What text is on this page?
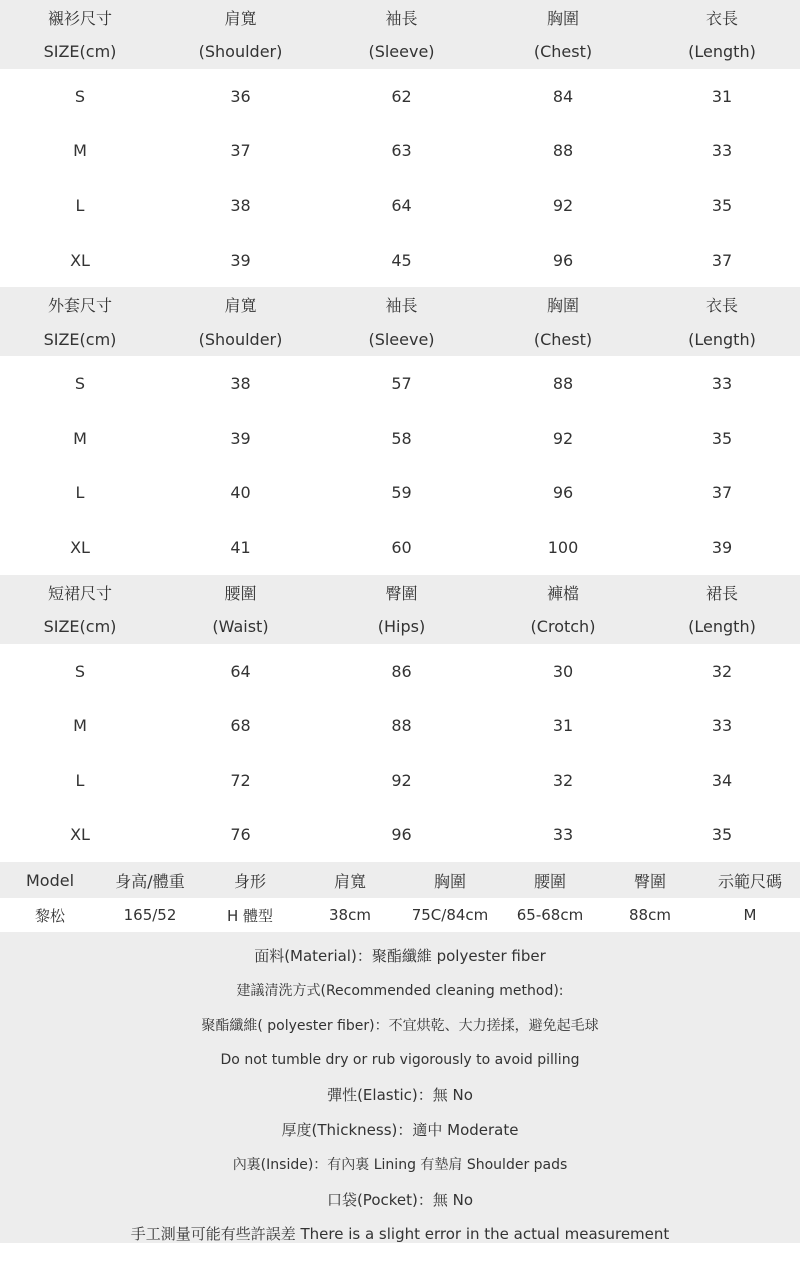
襯衫尺寸	肩寬	袖長	胸圍	衣長
SIZE(cm)	(Shoulder)	(Sleeve)	(Chest)	(Length)
S	36	62	84	31
M	37	63	88	33
L	38	64	92	35
XL	39	45	96	37
外套尺寸	肩寬	袖長	胸圍	衣長
SIZE(cm)	(Shoulder)	(Sleeve)	(Chest)	(Length)
S	38	57	88	33
M	39	58	92	35
L	40	59	96	37
XL	41	60	100	39
短裙尺寸	腰圍	臀圍	褲檔	裙長
SIZE(cm)	(Waist)	(Hips)	(Crotch)	(Length)
S	64	86	30	32
M	68	88	31	33
L	72	92	32	34
XL	76	96	33	35
Model	身高/體重	身形	肩寬	胸圍	腰圍	臀圍	示範尺碼
黎松	165/52	H 體型	38cm	75C/84cm	65-68cm	88cm	M
面料(Material)：聚酯纖維 polyester fiber
建議清洗方式(Recommended cleaning method):
聚酯纖維( polyester fiber)：不宜烘乾、大力搓揉，避免起毛球
Do not tumble dry or rub vigorously to avoid pilling
彈性(Elastic)：無 No
厚度(Thickness)：適中 Moderate
內裏(Inside)：有內裏 Lining 有墊肩 Shoulder pads
口袋(Pocket)：無 No
手工測量可能有些許誤差 There is a slight error in the actual measurement
